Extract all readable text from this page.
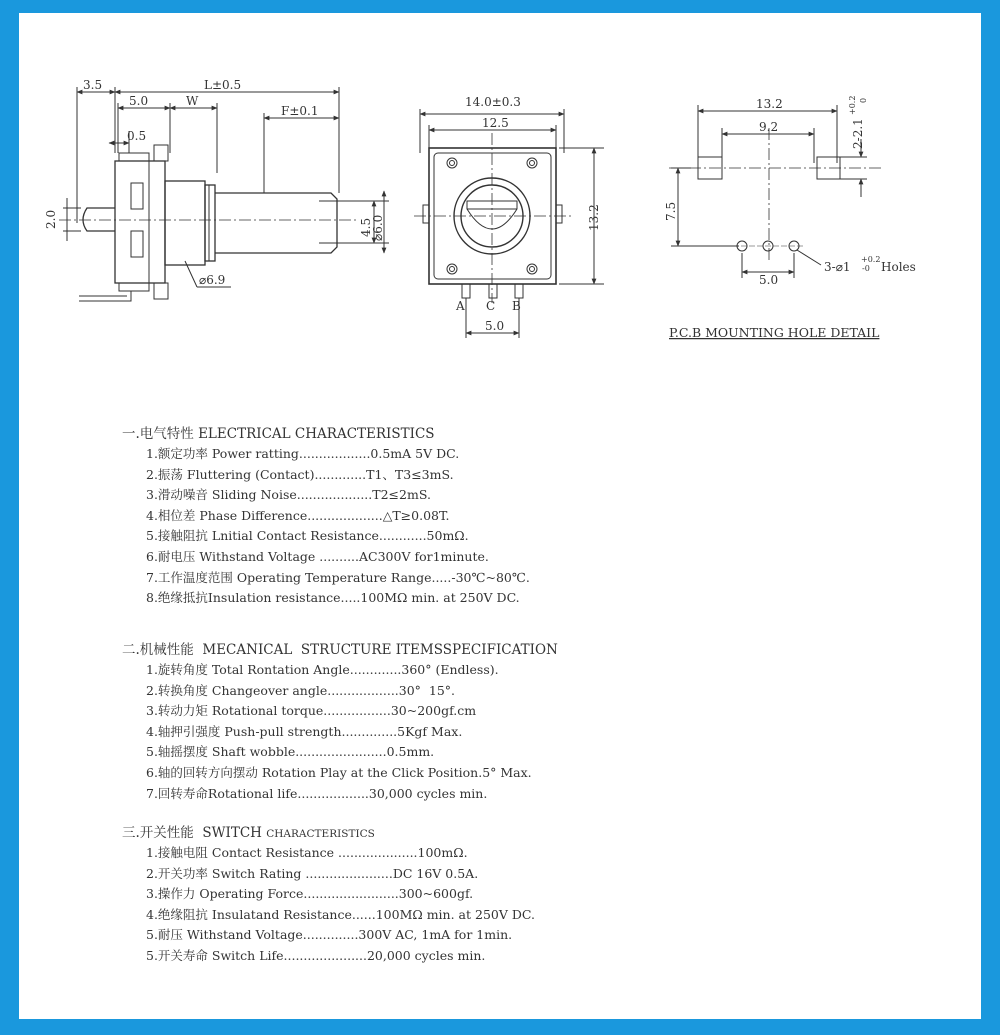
3.5	L±0.5
5.0	W
F±0.1
0.5
2.0	4.5
⌀6.0
⌀6.9
14.0±0.3
12.5
13.2
A C B
5.0
13.2
9.2	2-2.1
+0.2 0
7.5
5.0
3-⌀1
+0.2
-0 Holes
P.C.B MOUNTING HOLE DETAIL
一.电气特性 ELECTRICAL CHARACTERISTICS
1.额定功率 Power ratting..................0.5mA 5V DC.
2.振荡 Fluttering (Contact).............T1、T3≤3mS.
3.滑动噪音 Sliding Noise...................T2≤2mS.
4.相位差 Phase Difference...................△T≥0.08T.
5.接触阻抗 Lnitial Contact Resistance............50mΩ.
6.耐电压 Withstand Voltage ..........AC300V for1minute.
7.工作温度范围 Operating Temperature Range.....-30℃~80℃.
8.绝缘抵抗Insulation resistance.....100MΩ min. at 250V DC.
二.机械性能  MECANICAL  STRUCTURE ITEMSSPECIFICATION
1.旋转角度 Total Rontation Angle.............360° (Endless).
2.转换角度 Changeover angle..................30°  15°.
3.转动力矩 Rotational torque.................30~200gf.cm
4.轴押引强度 Push-pull strength..............5Kgf Max.
5.轴摇摆度 Shaft wobble.......................0.5mm.
6.轴的回转方向摆动 Rotation Play at the Click Position.5° Max.
7.回转寿命Rotational life..................30,000 cycles min.
三.开关性能  SWITCH CHARACTERISTICS
1.接触电阻 Contact Resistance ....................100mΩ.
2.开关功率 Switch Rating ......................DC 16V 0.5A.
3.操作力 Operating Force........................300~600gf.
4.绝缘阻抗 Insulatand Resistance......100MΩ min. at 250V DC.
5.耐压 Withstand Voltage..............300V AC, 1mA for 1min.
5.开关寿命 Switch Life.....................20,000 cycles min.
